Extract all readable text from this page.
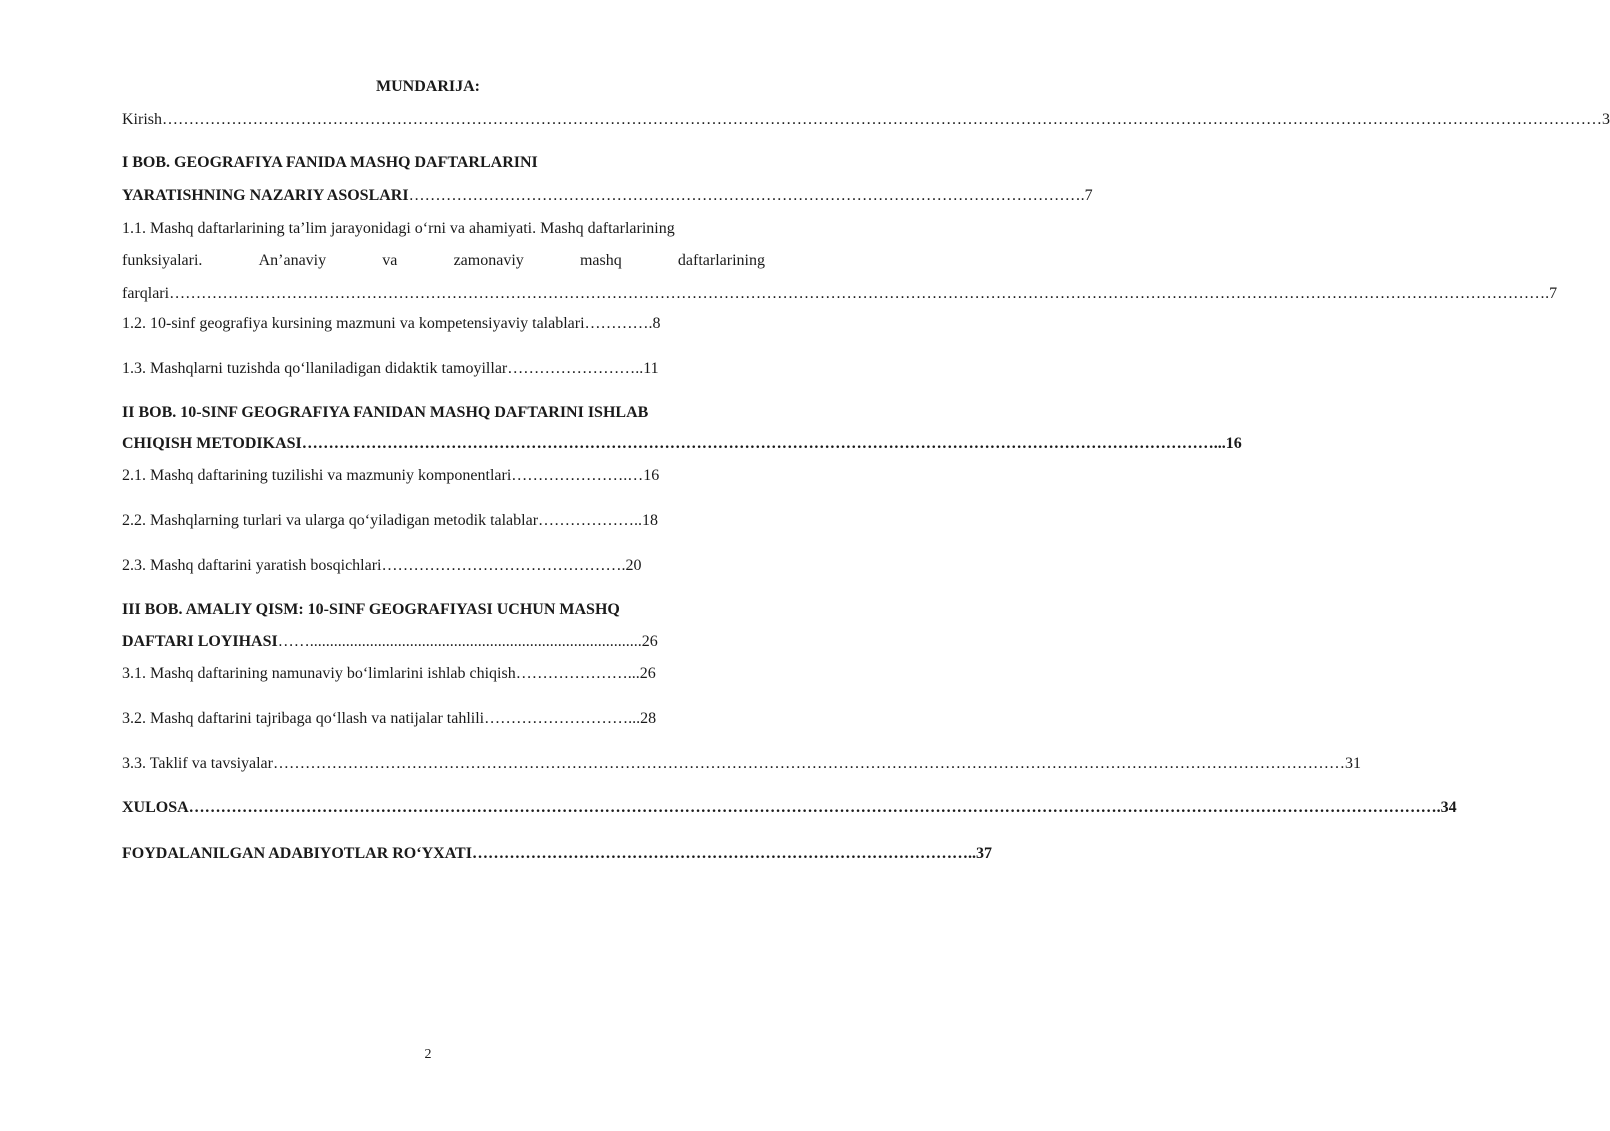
MUNDARIJA:
Kirish………………………………………………………………………………………………………………………………………………………………………………………………………………………………………………3
I BOB. GEOGRAFIYA FANIDA MASHQ DAFTARLARINI
YARATISHNING NAZARIY ASOSLARI……………………………………………………………………………………………………………….7
1.1. Mashq daftarlarining ta’lim jarayonidagi o‘rni va ahamiyati. Mashq daftarlarining
funksiyalari.	An’anaviy	va	zamonaviy	mashq	daftarlarining
farqlari…………………………………………………………………………………………………………………………………………………………………………………………………………………………………….7
1.2. 10-sinf geografiya kursining mazmuni va kompetensiyaviy talablari………….8
1.3. Mashqlarni tuzishda qo‘llaniladigan didaktik tamoyillar……………………..11
II BOB. 10-SINF GEOGRAFIYA FANIDAN MASHQ DAFTARINI ISHLAB
CHIQISH METODIKASI………………………………………………………………………………………………………………………………………………………...16
2.1. Mashq daftarining tuzilishi va mazmuniy komponentlari………………….…16
2.2. Mashqlarning turlari va ularga qo‘yiladigan metodik talablar………………..18
2.3. Mashq daftarini yaratish bosqichlari……………………………………….20
III BOB. AMALIY QISM: 10-SINF GEOGRAFIYASI UCHUN MASHQ
DAFTARI LOYIHASI……...................................................................................26
3.1. Mashq daftarining namunaviy bo‘limlarini ishlab chiqish…………………...26
3.2. Mashq daftarini tajribaga qo‘llash va natijalar tahlili………………………...28
3.3. Taklif va tavsiyalar…………………………………………………………………………………………………………………………………………………………………………………31
XULOSA……………………………………………………………………………………………………………………………………………………………………………………………………………….34
FOYDALANILGAN ADABIYOTLAR RO‘YXATI…………………………………………………………………………………..37
2
